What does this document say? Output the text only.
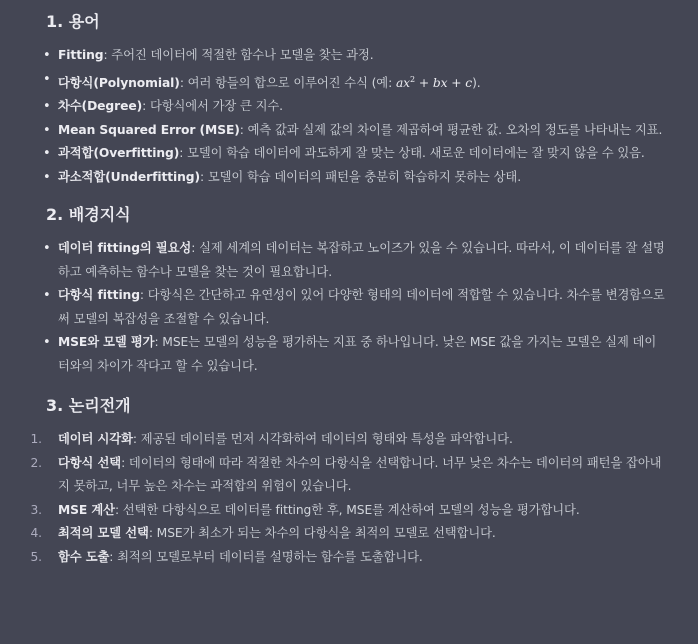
1. 용어
• Fitting: 주어진 데이터에 적절한 함수나 모델을 찾는 과정.
• 다항식(Polynomial): 여러 항들의 합으로 이루어진 수식 (예: $ax^2$ + bx + c).
• 차수(Degree): 다항식에서 가장 큰 지수.
• Mean Squared Error (MSE): 예측 값과 실제 값의 차이를 제곱하여 평균한 값. 오차의 정도를 나타내는 지표.
• 과적합(Overfitting): 모델이 학습 데이터에 과도하게 잘 맞는 상태. 새로운 데이터에는 잘 맞지 않을 수 있음.
• 과소적합(Underfitting): 모델이 학습 데이터의 패턴을 충분히 학습하지 못하는 상태.
2. 배경지식
• 데이터 fitting의 필요성: 실제 세계의 데이터는 복잡하고 노이즈가 있을 수 있습니다. 따라서, 이 데이터를 잘 설명하고 예측하는 함수나 모델을 찾는 것이 필요합니다.
• 다항식 fitting: 다항식은 간단하고 유연성이 있어 다양한 형태의 데이터에 적합할 수 있습니다. 차수를 변경함으로써 모델의 복잡성을 조절할 수 있습니다.
• MSE와 모델 평가: MSE는 모델의 성능을 평가하는 지표 중 하나입니다. 낮은 MSE 값을 가지는 모델은 실제 데이터와의 차이가 작다고 할 수 있습니다.
3. 논리전개
1. 데이터 시각화: 제공된 데이터를 먼저 시각화하여 데이터의 형태와 특성을 파악합니다.
2. 다항식 선택: 데이터의 형태에 따라 적절한 차수의 다항식을 선택합니다. 너무 낮은 차수는 데이터의 패턴을 잡아내지 못하고, 너무 높은 차수는 과적합의 위험이 있습니다.
3. MSE 계산: 선택한 다항식으로 데이터를 fitting한 후, MSE를 계산하여 모델의 성능을 평가합니다.
4. 최적의 모델 선택: MSE가 최소가 되는 차수의 다항식을 최적의 모델로 선택합니다.
5. 함수 도출: 최적의 모델로부터 데이터를 설명하는 함수를 도출합니다.
